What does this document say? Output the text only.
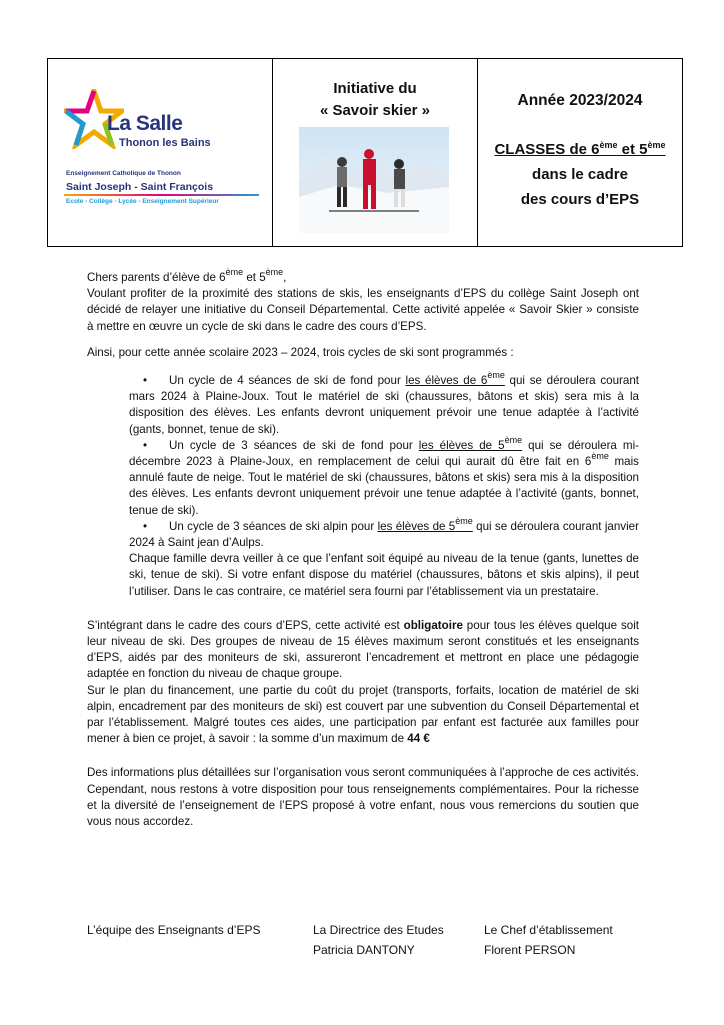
La Salle
Thonon les Bains
Enseignement Catholique de Thonon
Saint Joseph - Saint François
Ecole - Collège - Lycée - Enseignement Supérieur
Initiative du
« Savoir skier »
Année 2023/2024
CLASSES de 6ème et 5ème
dans le cadre
des cours d’EPS

Chers parents d’élève de 6ème et 5ème,

Voulant profiter de la proximité des stations de skis, les enseignants d’EPS du collège Saint Joseph ont décidé de relayer une initiative du Conseil Départemental. Cette activité appelée « Savoir Skier » consiste à mettre en œuvre un cycle de ski dans le cadre des cours d’EPS.

Ainsi, pour cette année scolaire 2023 – 2024, trois cycles de ski sont programmés :

• Un cycle de 4 séances de ski de fond pour les élèves de 6ème qui se déroulera courant mars 2024 à Plaine-Joux. Tout le matériel de ski (chaussures, bâtons et skis) sera mis à la disposition des élèves. Les enfants devront uniquement prévoir une tenue adaptée à l’activité (gants, bonnet, tenue de ski).
• Un cycle de 3 séances de ski de fond pour les élèves de 5ème qui se déroulera mi-décembre 2023 à Plaine-Joux, en remplacement de celui qui aurait dû être fait en 6ème mais annulé faute de neige. Tout le matériel de ski (chaussures, bâtons et skis) sera mis à la disposition des élèves. Les enfants devront uniquement prévoir une tenue adaptée à l’activité (gants, bonnet, tenue de ski).
• Un cycle de 3 séances de ski alpin pour les élèves de 5ème qui se déroulera courant janvier 2024 à Saint jean d’Aulps.

Chaque famille devra veiller à ce que l’enfant soit équipé au niveau de la tenue (gants, lunettes de ski, tenue de ski). Si votre enfant dispose du matériel (chaussures, bâtons et skis alpins), il peut l’utiliser. Dans le cas contraire, ce matériel sera fourni par l’établissement via un prestataire.

S’intégrant dans le cadre des cours d’EPS, cette activité est obligatoire pour tous les élèves quelque soit leur niveau de ski. Des groupes de niveau de 15 élèves maximum seront constitués et les enseignants d’EPS, aidés par des moniteurs de ski, assureront l’encadrement et mettront en place une pédagogie adaptée en fonction du niveau de chaque groupe.

Sur le plan du financement, une partie du coût du projet (transports, forfaits, location de matériel de ski alpin, encadrement par des moniteurs de ski) est couvert par une subvention du Conseil Départemental et par l’établissement. Malgré toutes ces aides, une participation par enfant est facturée aux familles pour mener à bien ce projet, à savoir : la somme d’un maximum de 44 €

Des informations plus détaillées sur l’organisation vous seront communiquées à l’approche de ces activités. Cependant, nous restons à votre disposition pour tous renseignements complémentaires. Pour la richesse et la diversité de l’enseignement de l’EPS proposé à votre enfant, nous vous remercions du soutien que vous nous accordez.

L’équipe des Enseignants d’EPS	La Directrice des Etudes
Patricia DANTONY
Le Chef d’établissement
Florent PERSON
